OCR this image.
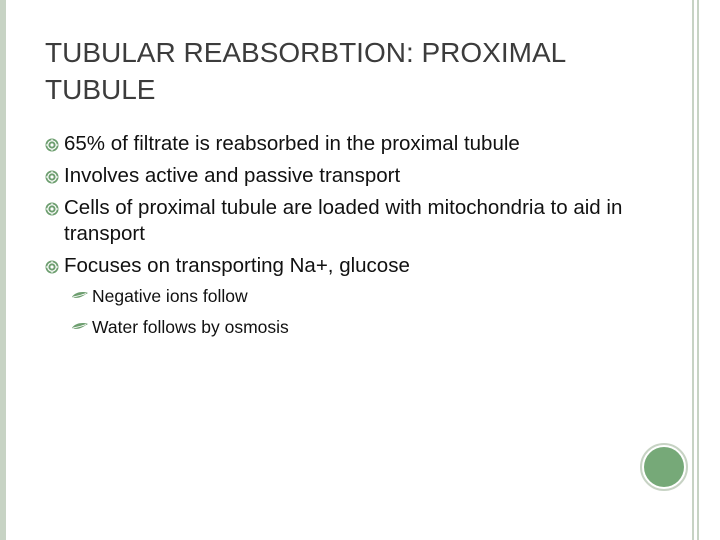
TUBULAR REABSORBTION: PROXIMAL TUBULE
65% of filtrate is reabsorbed in the proximal tubule
Involves active and passive transport
Cells of proximal tubule are loaded with mitochondria to aid in transport
Focuses on transporting Na+, glucose
Negative ions follow
Water follows by osmosis
